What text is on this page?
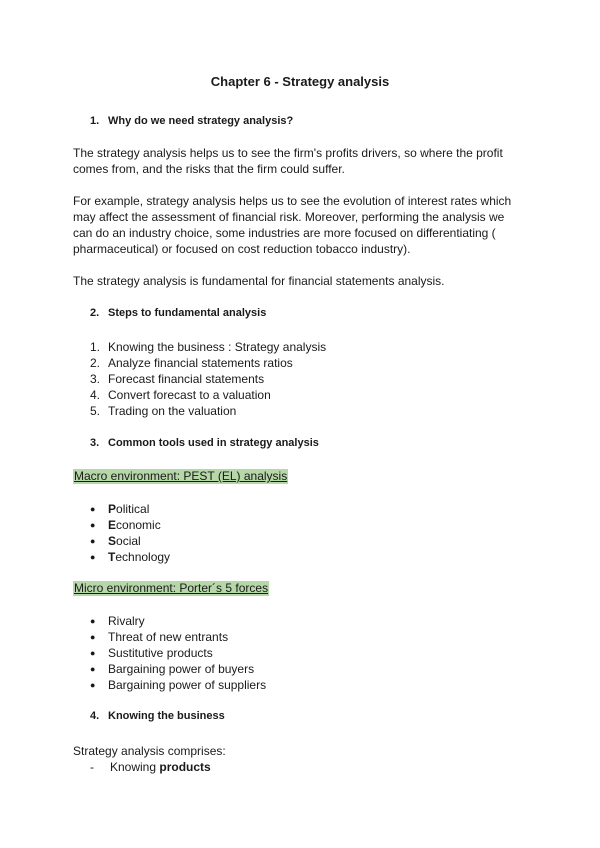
Chapter 6 - Strategy analysis
1. Why do we need strategy analysis?
The strategy analysis helps us to see the firm's profits drivers, so where the profit
comes from, and the risks that the firm could suffer.
For example, strategy analysis helps us to see the evolution of interest rates which
may affect the assessment of financial risk. Moreover, performing the analysis we
can do an industry choice, some industries are more focused on differentiating (
pharmaceutical) or focused on cost reduction tobacco industry).
The strategy analysis is fundamental for financial statements analysis.
2. Steps to fundamental analysis
1. Knowing the business : Strategy analysis
2. Analyze financial statements ratios
3. Forecast financial statements
4. Convert forecast to a valuation
5. Trading on the valuation
3. Common tools used in strategy analysis
Macro environment: PEST (EL) analysis
● Political
● Economic
● Social
● Technology
Micro environment: Porter´s 5 forces
● Rivalry
● Threat of new entrants
● Sustitutive products
● Bargaining power of buyers
● Bargaining power of suppliers
4. Knowing the business
Strategy analysis comprises:
- Knowing products
